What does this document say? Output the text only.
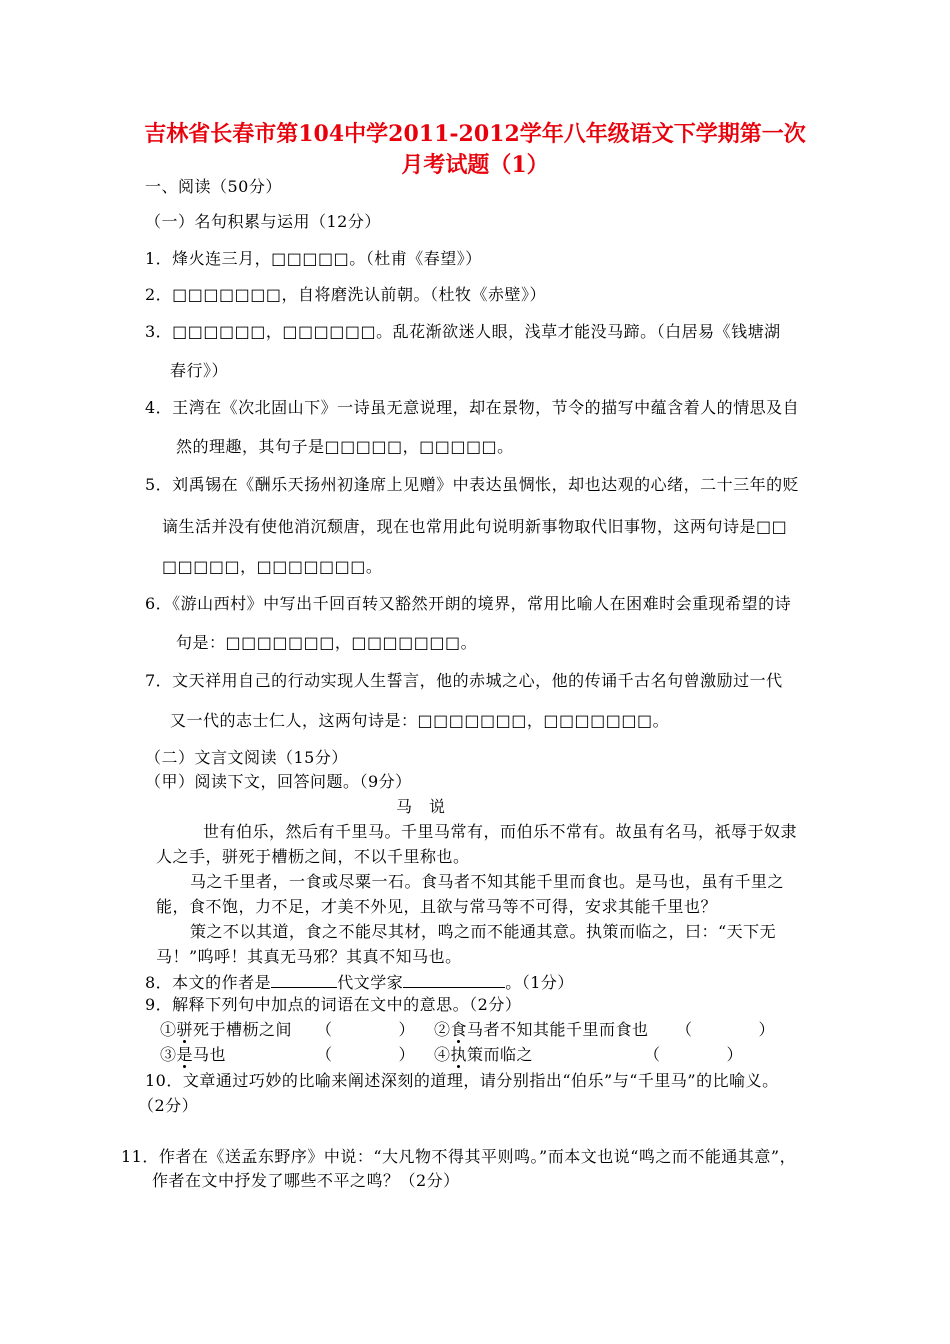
吉林省长春市第104中学2011-2012学年八年级语文下学期第一次
月考试题（1）
一、阅读（50分）
（一）名句积累与运用（12分）
1．烽火连三月，□□□□□。（杜甫《春望》）
2．□□□□□□□，自将磨洗认前朝。（杜牧《赤壁》）
3．□□□□□□，□□□□□□。乱花渐欲迷人眼，浅草才能没马蹄。（白居易《钱塘湖
春行》）
4．王湾在《次北固山下》一诗虽无意说理，却在景物，节令的描写中蕴含着人的情思及自
然的理趣，其句子是□□□□□，□□□□□。
5．刘禹锡在《酬乐天扬州初逢席上见赠》中表达虽惆怅，却也达观的心绪，二十三年的贬
谪生活并没有使他消沉颓唐，现在也常用此句说明新事物取代旧事物，这两句诗是□□
□□□□□，□□□□□□□。
6．《游山西村》中写出千回百转又豁然开朗的境界，常用比喻人在困难时会重现希望的诗
句是：□□□□□□□，□□□□□□□。
7．文天祥用自己的行动实现人生誓言，他的赤城之心，他的传诵千古名句曾激励过一代
又一代的志士仁人，这两句诗是：□□□□□□□，□□□□□□□。
（二）文言文阅读（15分）
（甲）阅读下文，回答问题。（9分）
马　说
世有伯乐，然后有千里马。千里马常有，而伯乐不常有。故虽有名马，祇辱于奴隶
人之手，骈死于槽枥之间，不以千里称也。
马之千里者，一食或尽粟一石。食马者不知其能千里而食也。是马也，虽有千里之
能，食不饱，力不足，才美不外见，且欲与常马等不可得，安求其能千里也？
策之不以其道，食之不能尽其材，鸣之而不能通其意。执策而临之，曰：“天下无
马！”呜呼！其真无马邪？其真不知马也。
8．本文的作者是	代文学家	。（1分）
9．解释下列句中加点的词语在文中的意思。（2分）
①骈死于槽枥之间 （　　　　） ②食马者不知其能千里而食也 （　　　　）
③是马也	（　　　　） ④执策而临之	（　　　　）
10．文章通过巧妙的比喻来阐述深刻的道理，请分别指出“伯乐”与“千里马”的比喻义。
（2分）
11．作者在《送孟东野序》中说：“大凡物不得其平则鸣。”而本文也说“鸣之而不能通其意”，
作者在文中抒发了哪些不平之鸣？（2分）
